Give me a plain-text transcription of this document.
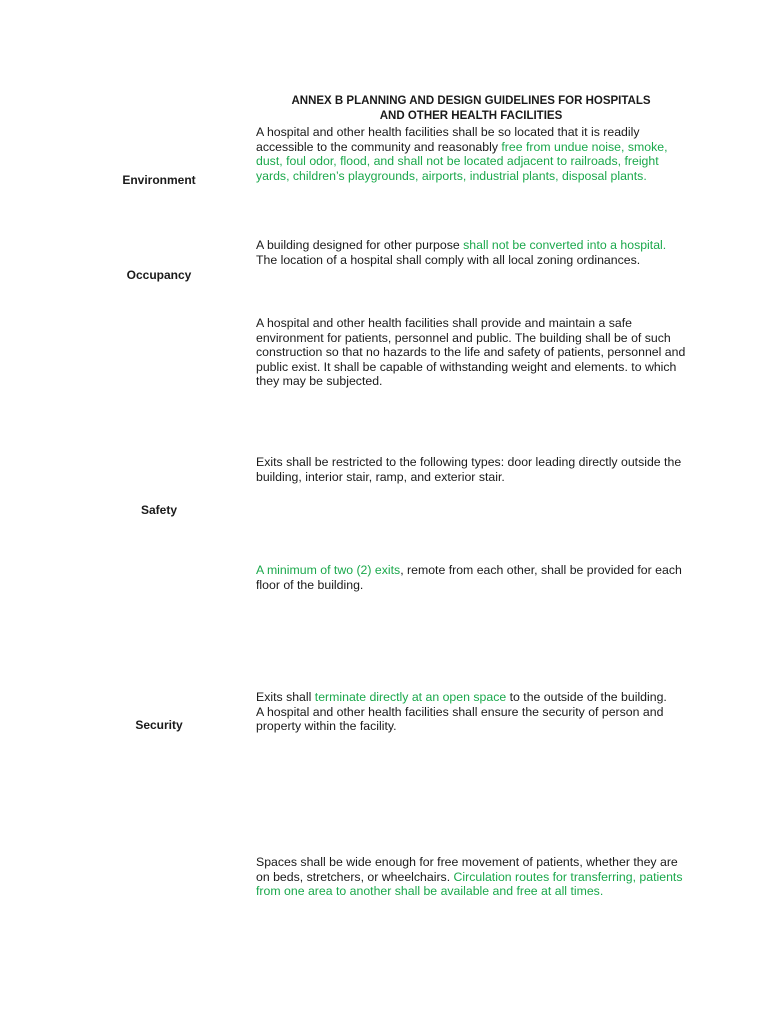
ANNEX B PLANNING AND DESIGN GUIDELINES FOR HOSPITALS
AND OTHER HEALTH FACILITIES

A hospital and other health facilities shall be so located that it is readily accessible to the community and reasonably free from undue noise, smoke, dust, foul odor, flood, and shall not be located adjacent to railroads, freight yards, children’s playgrounds, airports, industrial plants, disposal plants.

Environment

A building designed for other purpose shall not be converted into a hospital. The location of a hospital shall comply with all local zoning ordinances.

Occupancy

A hospital and other health facilities shall provide and maintain a safe environment for patients, personnel and public. The building shall be of such construction so that no hazards to the life and safety of patients, personnel and public exist. It shall be capable of withstanding weight and elements. to which they may be subjected.

Exits shall be restricted to the following types: door leading directly outside the building, interior stair, ramp, and exterior stair.

Safety

A minimum of two (2) exits, remote from each other, shall be provided for each floor of the building.

Exits shall terminate directly at an open space to the outside of the building.
A hospital and other health facilities shall ensure the security of person and property within the facility.

Security

Spaces shall be wide enough for free movement of patients, whether they are on beds, stretchers, or wheelchairs. Circulation routes for transferring, patients from one area to another shall be available and free at all times.
